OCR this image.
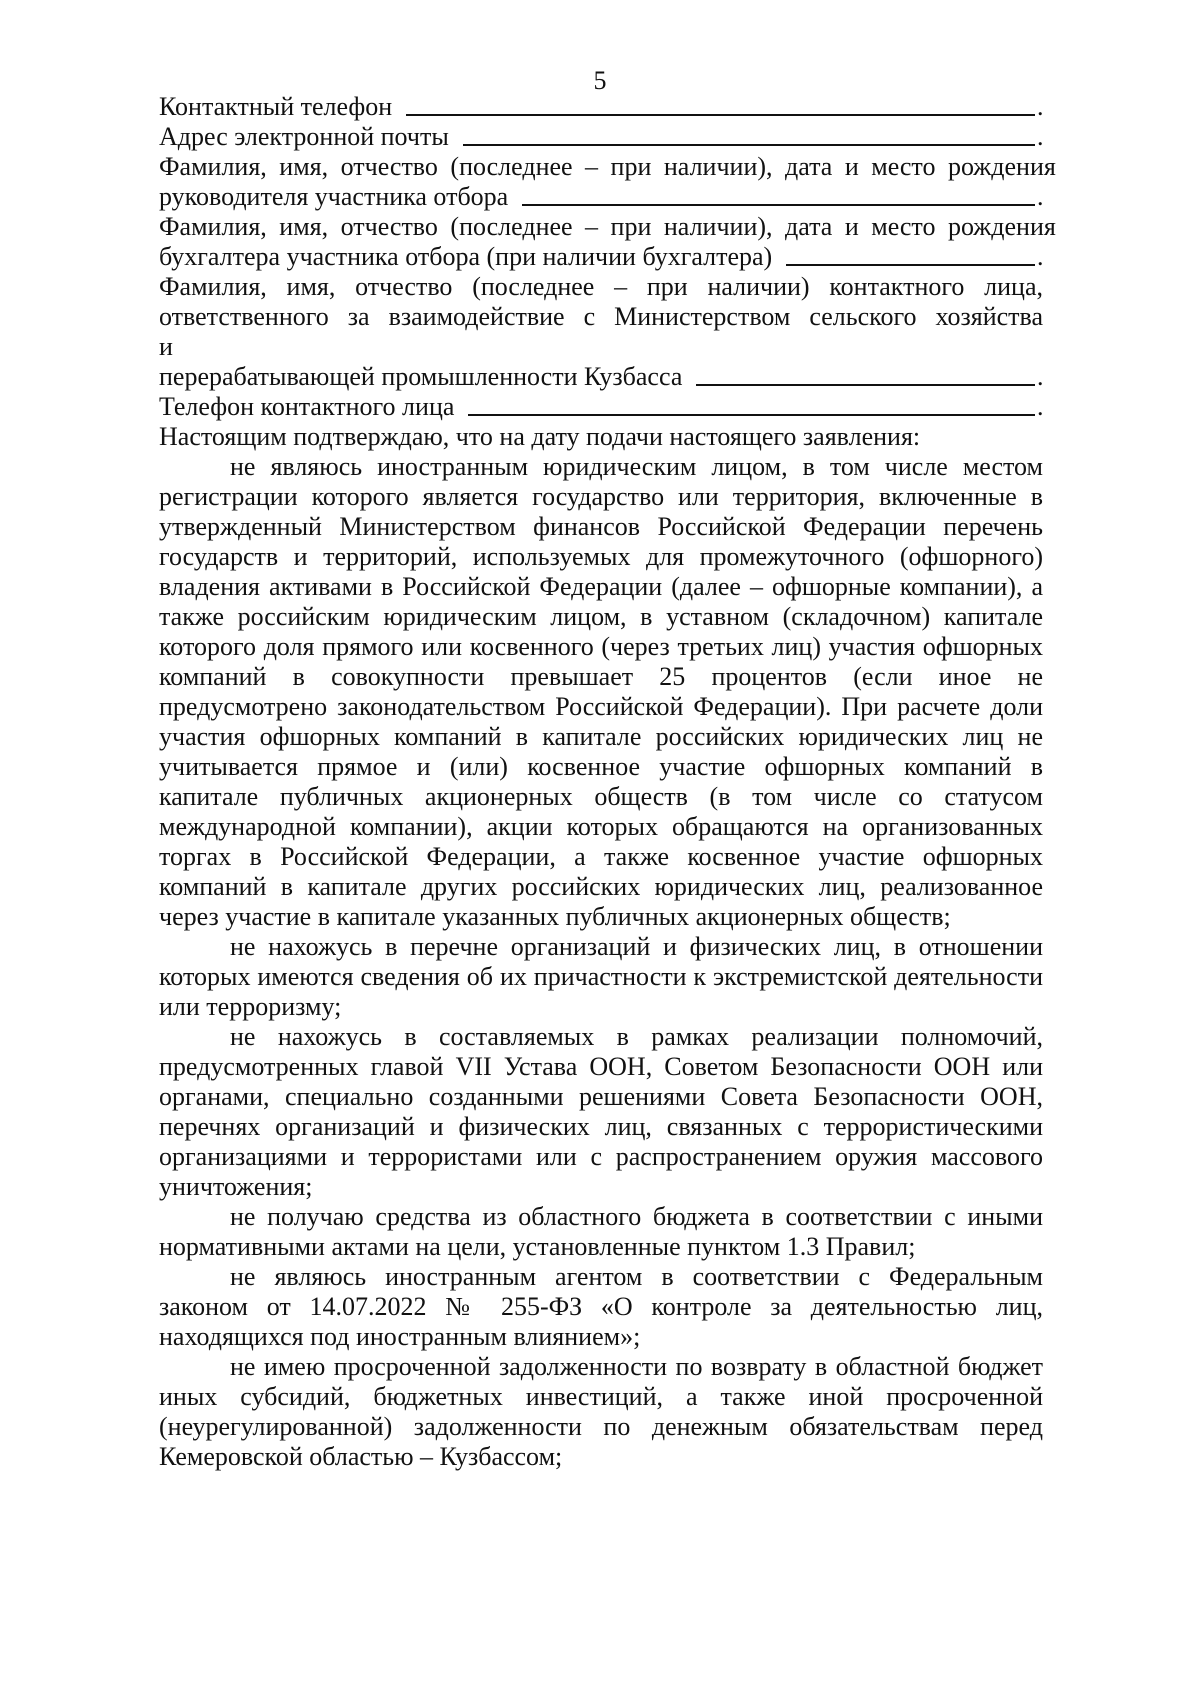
5
Контактный телефон	.
Адрес электронной почты	.
Фамилия, имя, отчество (последнее – при наличии), дата и место рождения
руководителя участника отбора	.
Фамилия, имя, отчество (последнее – при наличии), дата и место рождения
бухгалтера участника отбора (при наличии бухгалтера)	.

Фамилия, имя, отчество (последнее – при наличии) контактного лица, ответственного за взаимодействие с Министерством сельского хозяйства и

перерабатывающей промышленности Кузбасса	.
Телефон контактного лица	.

Настоящим подтверждаю, что на дату подачи настоящего заявления:

не являюсь иностранным юридическим лицом, в том числе местом регистрации которого является государство или территория, включенные в утвержденный Министерством финансов Российской Федерации перечень государств и территорий, используемых для промежуточного (офшорного) владения активами в Российской Федерации (далее – офшорные компании), а также российским юридическим лицом, в уставном (складочном) капитале которого доля прямого или косвенного (через третьих лиц) участия офшорных компаний в совокупности превышает 25 процентов (если иное не предусмотрено законодательством Российской Федерации). При расчете доли участия офшорных компаний в капитале российских юридических лиц не учитывается прямое и (или) косвенное участие офшорных компаний в капитале публичных акционерных обществ (в том числе со статусом международной компании), акции которых обращаются на организованных торгах в Российской Федерации, а также косвенное участие офшорных компаний в капитале других российских юридических лиц, реализованное через участие в капитале указанных публичных акционерных обществ;

не нахожусь в перечне организаций и физических лиц, в отношении которых имеются сведения об их причастности к экстремистской деятельности или терроризму;

не нахожусь в составляемых в рамках реализации полномочий, предусмотренных главой VII Устава ООН, Советом Безопасности ООН или органами, специально созданными решениями Совета Безопасности ООН, перечнях организаций и физических лиц, связанных с террористическими организациями и террористами или с распространением оружия массового уничтожения;

не получаю средства из областного бюджета в соответствии с иными нормативными актами на цели, установленные пунктом 1.3 Правил;

не являюсь иностранным агентом в соответствии с Федеральным законом от 14.07.2022 № 255-ФЗ «О контроле за деятельностью лиц, находящихся под иностранным влиянием»;

не имею просроченной задолженности по возврату в областной бюджет иных субсидий, бюджетных инвестиций, а также иной просроченной (неурегулированной) задолженности по денежным обязательствам перед Кемеровской областью – Кузбассом;
